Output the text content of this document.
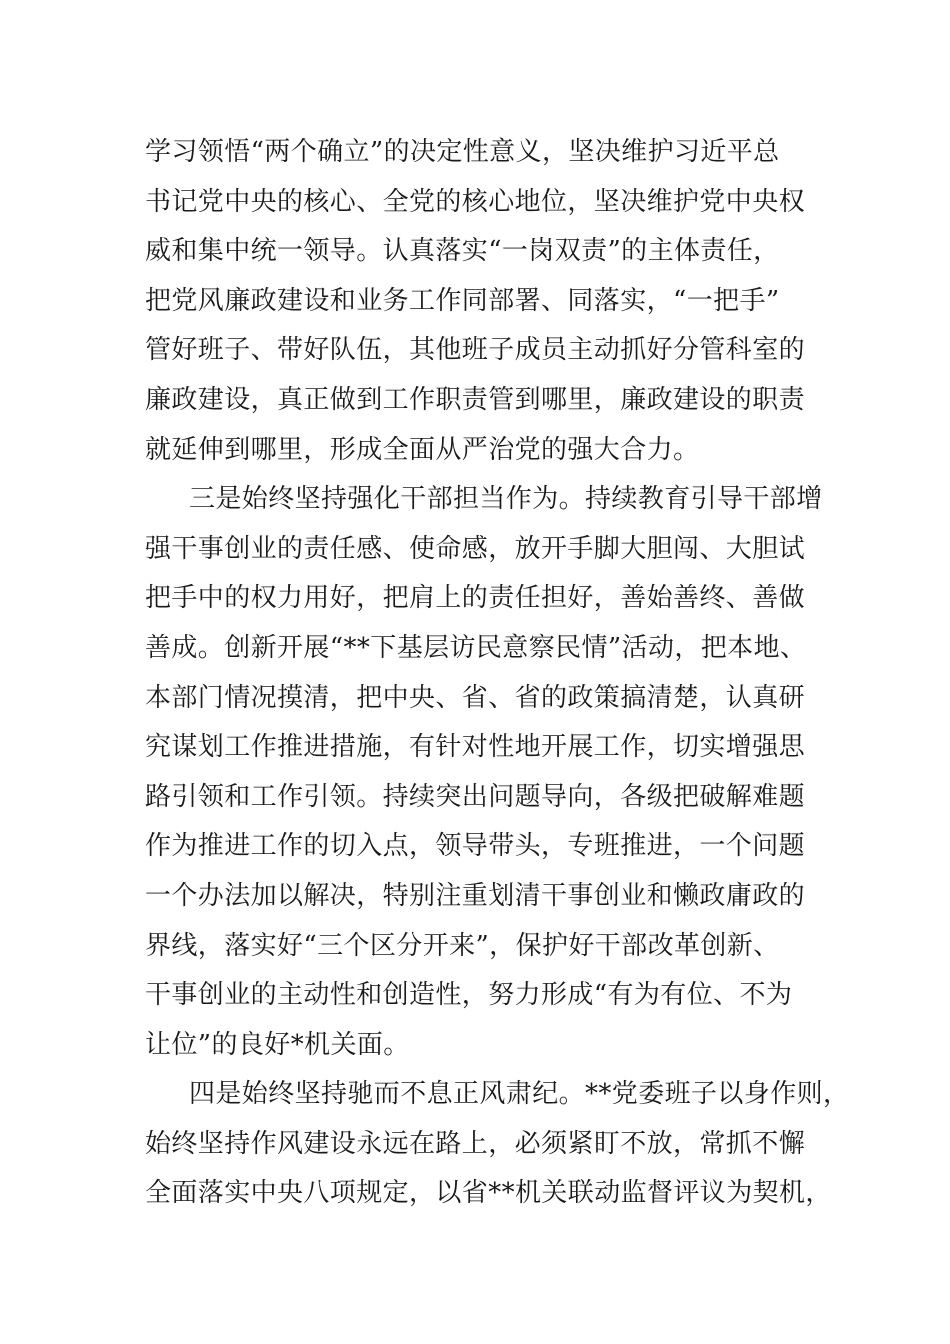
学习领悟“两个确立”的决定性意义，坚决维护习近平总
书记党中央的核心、全党的核心地位，坚决维护党中央权
威和集中统一领导。认真落实“一岗双责”的主体责任，
把党风廉政建设和业务工作同部署、同落实，“一把手”
管好班子、带好队伍，其他班子成员主动抓好分管科室的
廉政建设，真正做到工作职责管到哪里，廉政建设的职责
就延伸到哪里，形成全面从严治党的强大合力。
三是始终坚持强化干部担当作为。持续教育引导干部增
强干事创业的责任感、使命感，放开手脚大胆闯、大胆试
把手中的权力用好，把肩上的责任担好，善始善终、善做
善成。创新开展“**下基层访民意察民情”活动，把本地、
本部门情况摸清，把中央、省、省的政策搞清楚，认真研
究谋划工作推进措施，有针对性地开展工作，切实增强思
路引领和工作引领。持续突出问题导向，各级把破解难题
作为推进工作的切入点，领导带头，专班推进，一个问题
一个办法加以解决，特别注重划清干事创业和懒政庸政的
界线，落实好“三个区分开来”，保护好干部改革创新、
干事创业的主动性和创造性，努力形成“有为有位、不为
让位”的良好*机关面。
四是始终坚持驰而不息正风肃纪。**党委班子以身作则，
始终坚持作风建设永远在路上，必须紧盯不放，常抓不懈
全面落实中央八项规定，以省**机关联动监督评议为契机，
